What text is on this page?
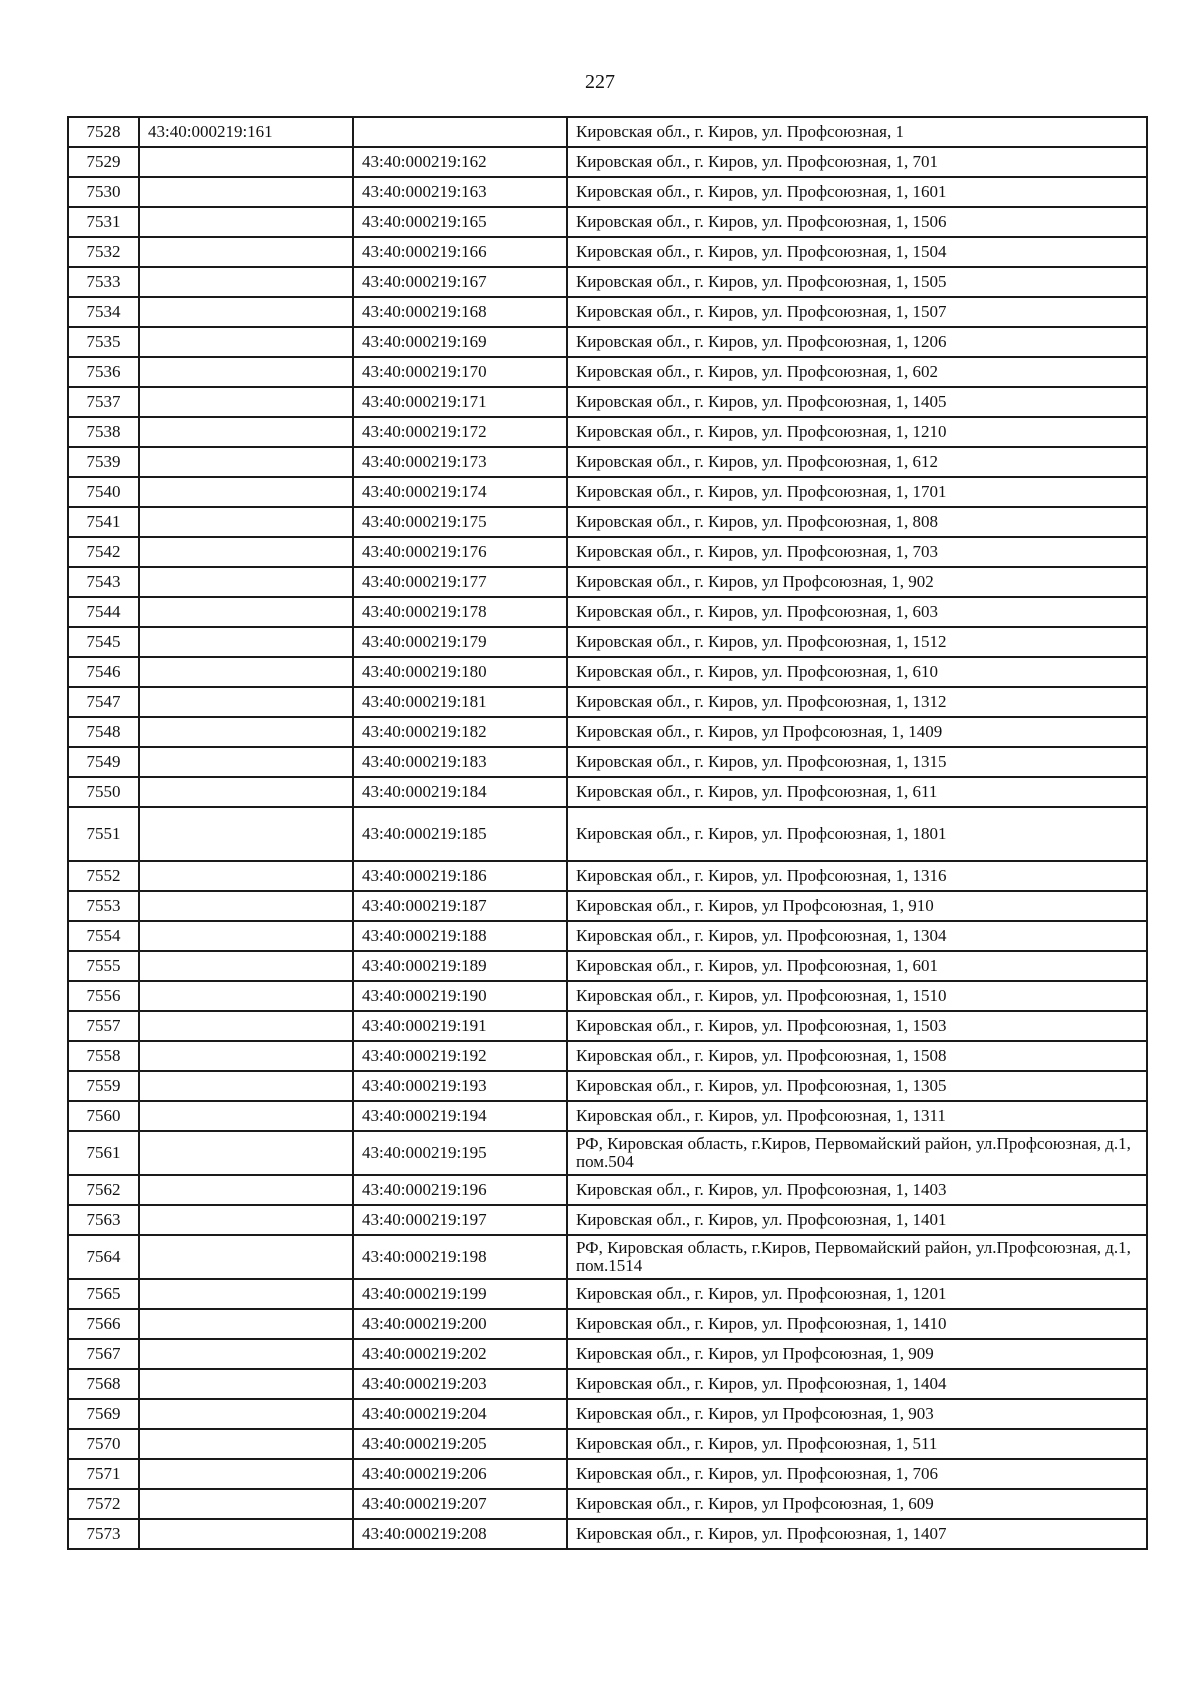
227
7528	43:40:000219:161		Кировская обл., г. Киров, ул. Профсоюзная, 1
7529		43:40:000219:162	Кировская обл., г. Киров, ул. Профсоюзная, 1, 701
7530		43:40:000219:163	Кировская обл., г. Киров, ул. Профсоюзная, 1, 1601
7531		43:40:000219:165	Кировская обл., г. Киров, ул. Профсоюзная, 1, 1506
7532		43:40:000219:166	Кировская обл., г. Киров, ул. Профсоюзная, 1, 1504
7533		43:40:000219:167	Кировская обл., г. Киров, ул. Профсоюзная, 1, 1505
7534		43:40:000219:168	Кировская обл., г. Киров, ул. Профсоюзная, 1, 1507
7535		43:40:000219:169	Кировская обл., г. Киров, ул. Профсоюзная, 1, 1206
7536		43:40:000219:170	Кировская обл., г. Киров, ул. Профсоюзная, 1, 602
7537		43:40:000219:171	Кировская обл., г. Киров, ул. Профсоюзная, 1, 1405
7538		43:40:000219:172	Кировская обл., г. Киров, ул. Профсоюзная, 1, 1210
7539		43:40:000219:173	Кировская обл., г. Киров, ул. Профсоюзная, 1, 612
7540		43:40:000219:174	Кировская обл., г. Киров, ул. Профсоюзная, 1, 1701
7541		43:40:000219:175	Кировская обл., г. Киров, ул. Профсоюзная, 1, 808
7542		43:40:000219:176	Кировская обл., г. Киров, ул. Профсоюзная, 1, 703
7543		43:40:000219:177	Кировская обл., г. Киров, ул Профсоюзная, 1, 902
7544		43:40:000219:178	Кировская обл., г. Киров, ул. Профсоюзная, 1, 603
7545		43:40:000219:179	Кировская обл., г. Киров, ул. Профсоюзная, 1, 1512
7546		43:40:000219:180	Кировская обл., г. Киров, ул. Профсоюзная, 1, 610
7547		43:40:000219:181	Кировская обл., г. Киров, ул. Профсоюзная, 1, 1312
7548		43:40:000219:182	Кировская обл., г. Киров, ул Профсоюзная, 1, 1409
7549		43:40:000219:183	Кировская обл., г. Киров, ул. Профсоюзная, 1, 1315
7550		43:40:000219:184	Кировская обл., г. Киров, ул. Профсоюзная, 1, 611
7551		43:40:000219:185	Кировская обл., г. Киров, ул. Профсоюзная, 1, 1801
7552		43:40:000219:186	Кировская обл., г. Киров, ул. Профсоюзная, 1, 1316
7553		43:40:000219:187	Кировская обл., г. Киров, ул Профсоюзная, 1, 910
7554		43:40:000219:188	Кировская обл., г. Киров, ул. Профсоюзная, 1, 1304
7555		43:40:000219:189	Кировская обл., г. Киров, ул. Профсоюзная, 1, 601
7556		43:40:000219:190	Кировская обл., г. Киров, ул. Профсоюзная, 1, 1510
7557		43:40:000219:191	Кировская обл., г. Киров, ул. Профсоюзная, 1, 1503
7558		43:40:000219:192	Кировская обл., г. Киров, ул. Профсоюзная, 1, 1508
7559		43:40:000219:193	Кировская обл., г. Киров, ул. Профсоюзная, 1, 1305
7560		43:40:000219:194	Кировская обл., г. Киров, ул. Профсоюзная, 1, 1311
7561		43:40:000219:195	РФ, Кировская область, г.Киров, Первомайский район, ул.Профсоюзная, д.1, пом.504
7562		43:40:000219:196	Кировская обл., г. Киров, ул. Профсоюзная, 1, 1403
7563		43:40:000219:197	Кировская обл., г. Киров, ул. Профсоюзная, 1, 1401
7564		43:40:000219:198	РФ, Кировская область, г.Киров, Первомайский район, ул.Профсоюзная, д.1, пом.1514
7565		43:40:000219:199	Кировская обл., г. Киров, ул. Профсоюзная, 1, 1201
7566		43:40:000219:200	Кировская обл., г. Киров, ул. Профсоюзная, 1, 1410
7567		43:40:000219:202	Кировская обл., г. Киров, ул Профсоюзная, 1, 909
7568		43:40:000219:203	Кировская обл., г. Киров, ул. Профсоюзная, 1, 1404
7569		43:40:000219:204	Кировская обл., г. Киров, ул Профсоюзная, 1, 903
7570		43:40:000219:205	Кировская обл., г. Киров, ул. Профсоюзная, 1, 511
7571		43:40:000219:206	Кировская обл., г. Киров, ул. Профсоюзная, 1, 706
7572		43:40:000219:207	Кировская обл., г. Киров, ул Профсоюзная, 1, 609
7573		43:40:000219:208	Кировская обл., г. Киров, ул. Профсоюзная, 1, 1407
